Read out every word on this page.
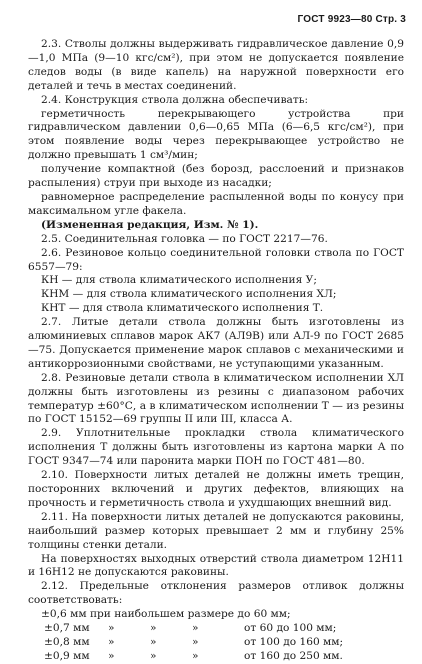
ГОСТ 9923—80 Стр. 3

2.3. Стволы должны выдерживать гидравлическое давление 0,9—1,0 МПа (9—10 кгс/см²), при этом не допускается появление следов воды (в виде капель) на наружной поверхности его деталей и течь в местах соединений.

2.4. Конструкция ствола должна обеспечивать:

герметичность перекрывающего устройства при гидравлическом давлении 0,6—0,65 МПа (6—6,5 кгс/см²), при этом появление воды через перекрывающее устройство не должно превышать 1 см³/мин;

получение компактной (без борозд, расслоений и признаков распыления) струи при выходе из насадки;

равномерное распределение распыленной воды по конусу при максимальном угле факела.

(Измененная редакция, Изм. № 1).

2.5. Соединительная головка — по ГОСТ 2217—76.

2.6. Резиновое кольцо соединительной головки ствола по ГОСТ 6557—79:

КН — для ствола климатического исполнения У;

КНМ — для ствола климатического исполнения ХЛ;

КНТ — для ствола климатического исполнения Т.

2.7. Литые детали ствола должны быть изготовлены из алюминиевых сплавов марок АК7 (АЛ9В) или АЛ-9 по ГОСТ 2685—75. Допускается применение марок сплавов с механическими и антикоррозионными свойствами, не уступающими указанным.

2.8. Резиновые детали ствола в климатическом исполнении ХЛ должны быть изготовлены из резины с диапазоном рабочих температур ±60°С, а в климатическом исполнении Т — из резины по ГОСТ 15152—69 группы II или III, класса А.

2.9. Уплотнительные прокладки ствола климатического исполнения Т должны быть изготовлены из картона марки А по ГОСТ 9347—74 или паронита марки ПОН по ГОСТ 481—80.

2.10. Поверхности литых деталей не должны иметь трещин, посторонних включений и других дефектов, влияющих на прочность и герметичность ствола и ухудшающих внешний вид.

2.11. На поверхности литых деталей не допускаются раковины, наибольший размер которых превышает 2 мм и глубину 25% толщины стенки детали.

На поверхностях выходных отверстий ствола диаметром 12Н11 и 16Н12 не допускаются раковины.

2.12. Предельные отклонения размеров отливок должны соответствовать:

±0,6 мм при наибольшем размере до 60 мм;

±0,7 мм	»	»	»	от 60 до 100 мм;
±0,8 мм	»	»	»	от 100 до 160 мм;
±0,9 мм	»	»	»	от 160 до 250 мм.
